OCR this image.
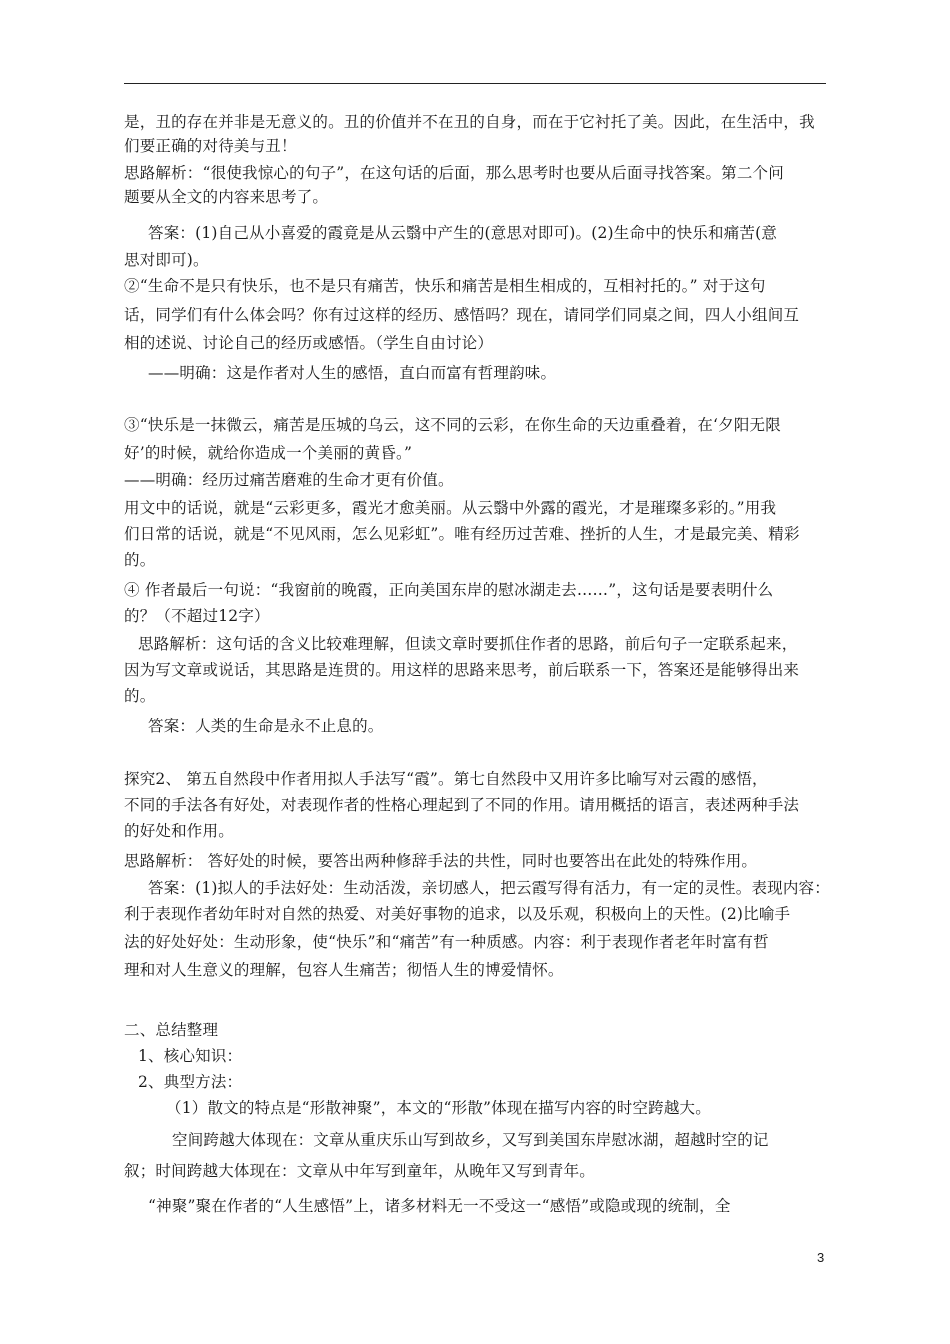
是，丑的存在并非是无意义的。丑的价值并不在丑的自身，而在于它衬托了美。因此，在生活中，我
们要正确的对待美与丑！
思路解析：“很使我惊心的句子”，在这句话的后面，那么思考时也要从后面寻找答案。第二个问
题要从全文的内容来思考了。
答案：(1)自己从小喜爱的霞竟是从云翳中产生的(意思对即可)。(2)生命中的快乐和痛苦(意
思对即可)。
②“生命不是只有快乐，也不是只有痛苦，快乐和痛苦是相生相成的，互相衬托的。” 对于这句
话，同学们有什么体会吗？你有过这样的经历、感悟吗？现在，请同学们同桌之间，四人小组间互
相的述说、讨论自己的经历或感悟。（学生自由讨论）
——明确：这是作者对人生的感悟，直白而富有哲理韵味。
③“快乐是一抹微云，痛苦是压城的乌云，这不同的云彩，在你生命的天边重叠着，在‘夕阳无限
好’的时候，就给你造成一个美丽的黄昏。”
——明确：经历过痛苦磨难的生命才更有价值。
用文中的话说，就是“云彩更多，霞光才愈美丽。从云翳中外露的霞光，才是璀璨多彩的。”用我
们日常的话说，就是“不见风雨，怎么见彩虹”。唯有经历过苦难、挫折的人生，才是最完美、精彩
的。
④ 作者最后一句说：“我窗前的晚霞，正向美国东岸的慰冰湖走去……”，这句话是要表明什么
的？（不超过12字）
思路解析：这句话的含义比较难理解，但读文章时要抓住作者的思路，前后句子一定联系起来，
因为写文章或说话，其思路是连贯的。用这样的思路来思考，前后联系一下，答案还是能够得出来
的。
答案：人类的生命是永不止息的。
探究2、 第五自然段中作者用拟人手法写“霞”。第七自然段中又用许多比喻写对云霞的感悟，
不同的手法各有好处，对表现作者的性格心理起到了不同的作用。请用概括的语言，表述两种手法
的好处和作用。
思路解析： 答好处的时候，要答出两种修辞手法的共性，同时也要答出在此处的特殊作用。
答案：(1)拟人的手法好处：生动活泼，亲切感人，把云霞写得有活力，有一定的灵性。表现内容：
利于表现作者幼年时对自然的热爱、对美好事物的追求，以及乐观，积极向上的天性。(2)比喻手
法的好处好处：生动形象，使“快乐”和“痛苦”有一种质感。内容：利于表现作者老年时富有哲
理和对人生意义的理解，包容人生痛苦；彻悟人生的博爱情怀。
二、总结整理
1、核心知识：
2、典型方法：
（1）散文的特点是“形散神聚”，本文的“形散”体现在描写内容的时空跨越大。
空间跨越大体现在：文章从重庆乐山写到故乡，又写到美国东岸慰冰湖，超越时空的记
叙；时间跨越大体现在：文章从中年写到童年，从晚年又写到青年。
“神聚”聚在作者的“人生感悟”上，诸多材料无一不受这一“感悟”或隐或现的统制，全
3
